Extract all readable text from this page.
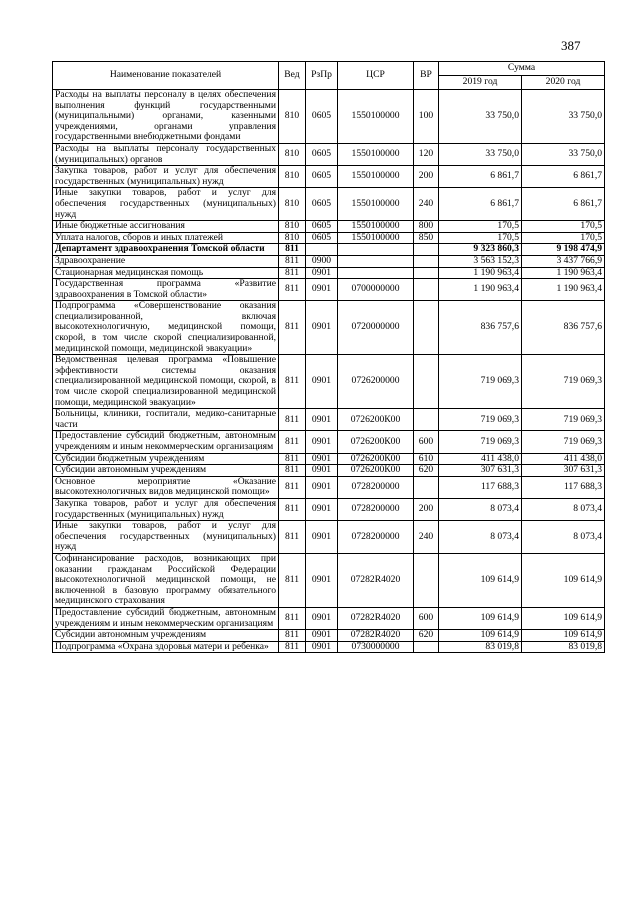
387
Наименование показателей	Вед	РзПр	ЦСР	ВР	Сумма	
					2019 год	2020 год
Расходы на выплаты персоналу в целях обеспечения выполнения функций государственными (муниципальными) органами, казенными учреждениями, органами управления государственными внебюджетными фондами	810	0605	1550100000	100	33 750,0	33 750,0
Расходы на выплаты персоналу государственных (муниципальных) органов	810	0605	1550100000	120	33 750,0	33 750,0
Закупка товаров, работ и услуг для обеспечения государственных (муниципальных) нужд	810	0605	1550100000	200	6 861,7	6 861,7
Иные закупки товаров, работ и услуг для обеспечения государственных (муниципальных) нужд	810	0605	1550100000	240	6 861,7	6 861,7
Иные бюджетные ассигнования	810	0605	1550100000	800	170,5	170,5
Уплата налогов, сборов и иных платежей	810	0605	1550100000	850	170,5	170,5
Департамент здравоохранения Томской области	811				9 323 860,3	9 198 474,9
Здравоохранение	811	0900			3 563 152,3	3 437 766,9
Стационарная медицинская помощь	811	0901			1 190 963,4	1 190 963,4
Государственная программа «Развитие здравоохранения в Томской области»	811	0901	0700000000		1 190 963,4	1 190 963,4
Подпрограмма «Совершенствование оказания специализированной, включая высокотехнологичную, медицинской помощи, скорой, в том числе скорой специализированной, медицинской помощи, медицинской эвакуации»	811	0901	0720000000		836 757,6	836 757,6
Ведомственная целевая программа «Повышение эффективности системы оказания специализированной медицинской помощи, скорой, в том числе скорой специализированной медицинской помощи, медицинской эвакуации»	811	0901	0726200000		719 069,3	719 069,3
Больницы, клиники, госпитали, медико-санитарные части	811	0901	0726200К00		719 069,3	719 069,3
Предоставление субсидий бюджетным, автономным учреждениям и иным некоммерческим организациям	811	0901	0726200К00	600	719 069,3	719 069,3
Субсидии бюджетным учреждениям	811	0901	0726200К00	610	411 438,0	411 438,0
Субсидии автономным учреждениям	811	0901	0726200К00	620	307 631,3	307 631,3
Основное мероприятие «Оказание высокотехнологичных видов медицинской помощи»	811	0901	0728200000		117 688,3	117 688,3
Закупка товаров, работ и услуг для обеспечения государственных (муниципальных) нужд	811	0901	0728200000	200	8 073,4	8 073,4
Иные закупки товаров, работ и услуг для обеспечения государственных (муниципальных) нужд	811	0901	0728200000	240	8 073,4	8 073,4
Софинансирование расходов, возникающих при оказании гражданам Российской Федерации высокотехнологичной медицинской помощи, не включенной в базовую программу обязательного медицинского страхования	811	0901	07282R4020		109 614,9	109 614,9
Предоставление субсидий бюджетным, автономным учреждениям и иным некоммерческим организациям	811	0901	07282R4020	600	109 614,9	109 614,9
Субсидии автономным учреждениям	811	0901	07282R4020	620	109 614,9	109 614,9
Подпрограмма «Охрана здоровья матери и ребенка»	811	0901	0730000000		83 019,8	83 019,8
